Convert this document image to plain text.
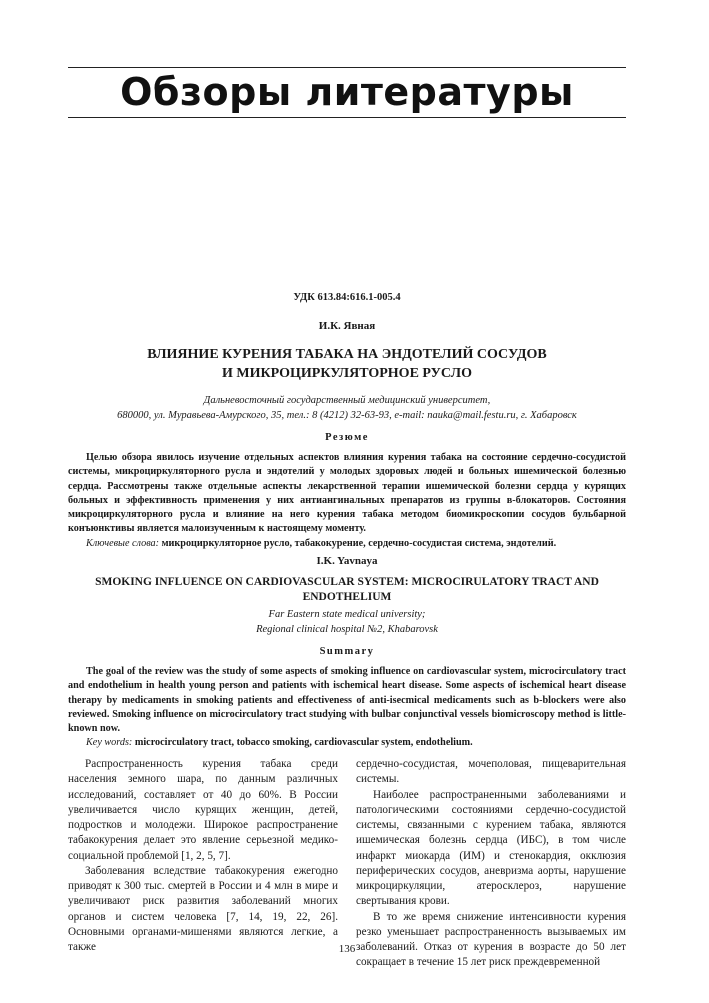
Обзоры литературы
УДК 613.84:616.1-005.4
И.К. Явная
ВЛИЯНИЕ КУРЕНИЯ ТАБАКА НА ЭНДОТЕЛИЙ СОСУДОВ
И МИКРОЦИРКУЛЯТОРНОЕ РУСЛО
Дальневосточный государственный медицинский университет,
680000, ул. Муравьева-Амурского, 35, тел.: 8 (4212) 32-63-93, e-mail: nauka@mail.festu.ru, г. Хабаровск
Резюме

Целью обзора явилось изучение отдельных аспектов влияния курения табака на состояние сердечно-сосудистой системы, микроциркуляторного русла и эндотелий у молодых здоровых людей и больных ишемической болезнью сердца. Рассмотрены также отдельные аспекты лекарственной терапии ишемической болезни сердца у курящих больных и эффективность применения у них антиангинальных препаратов из группы в-блокаторов. Состояния микроциркуляторного русла и влияние на него курения табака методом биомикроскопии сосудов бульбарной конъюнктивы является малоизученным к настоящему моменту.

Ключевые слова: микроциркуляторное русло, табакокурение, сердечно-сосудистая система, эндотелий.

I.K. Yavnaya
SMOKING INFLUENCE ON CARDIOVASCULAR SYSTEM: MICROCIRULATORY TRACT AND
ENDOTHELIUM
Far Eastern state medical university;
Regional clinical hospital №2, Khabarovsk
Summary

The goal of the review was the study of some aspects of smoking influence on cardiovascular system, microcirculatory tract and endothelium in health young person and patients with ischemical heart disease. Some aspects of ischemical heart disease therapy by medicaments in smoking patients and effectiveness of anti-isecmical medicaments such as b-blockers were also reviewed. Smoking influence on microcirculatory tract studying with bulbar conjunctival vessels biomicroscopy method is little-known now.

Key words: microcirculatory tract, tobacco smoking, cardiovascular system, endothelium.

Распространенность курения табака среди населения земного шара, по данным различных исследований, составляет от 40 до 60%. В России увеличивается число курящих женщин, детей, подростков и молодежи. Широкое распространение табакокурения делает это явление серьезной медико-социальной проблемой [1, 2, 5, 7].

Заболевания вследствие табакокурения ежегодно приводят к 300 тыс. смертей в России и 4 млн в мире и увеличивают риск развития заболеваний многих органов и систем человека [7, 14, 19, 22, 26]. Основными органами-мишенями являются легкие, а также

сердечно-сосудистая, мочеполовая, пищеварительная системы.

Наиболее распространенными заболеваниями и патологическими состояниями сердечно-сосудистой системы, связанными с курением табака, являются ишемическая болезнь сердца (ИБС), в том числе инфаркт миокарда (ИМ) и стенокардия, окклюзия периферических сосудов, аневризма аорты, нарушение микроциркуляции, атеросклероз, нарушение свертывания крови.

В то же время снижение интенсивности курения резко уменьшает распространенность вызываемых им заболеваний. Отказ от курения в возрасте до 50 лет сокращает в течение 15 лет риск преждевременной

136
